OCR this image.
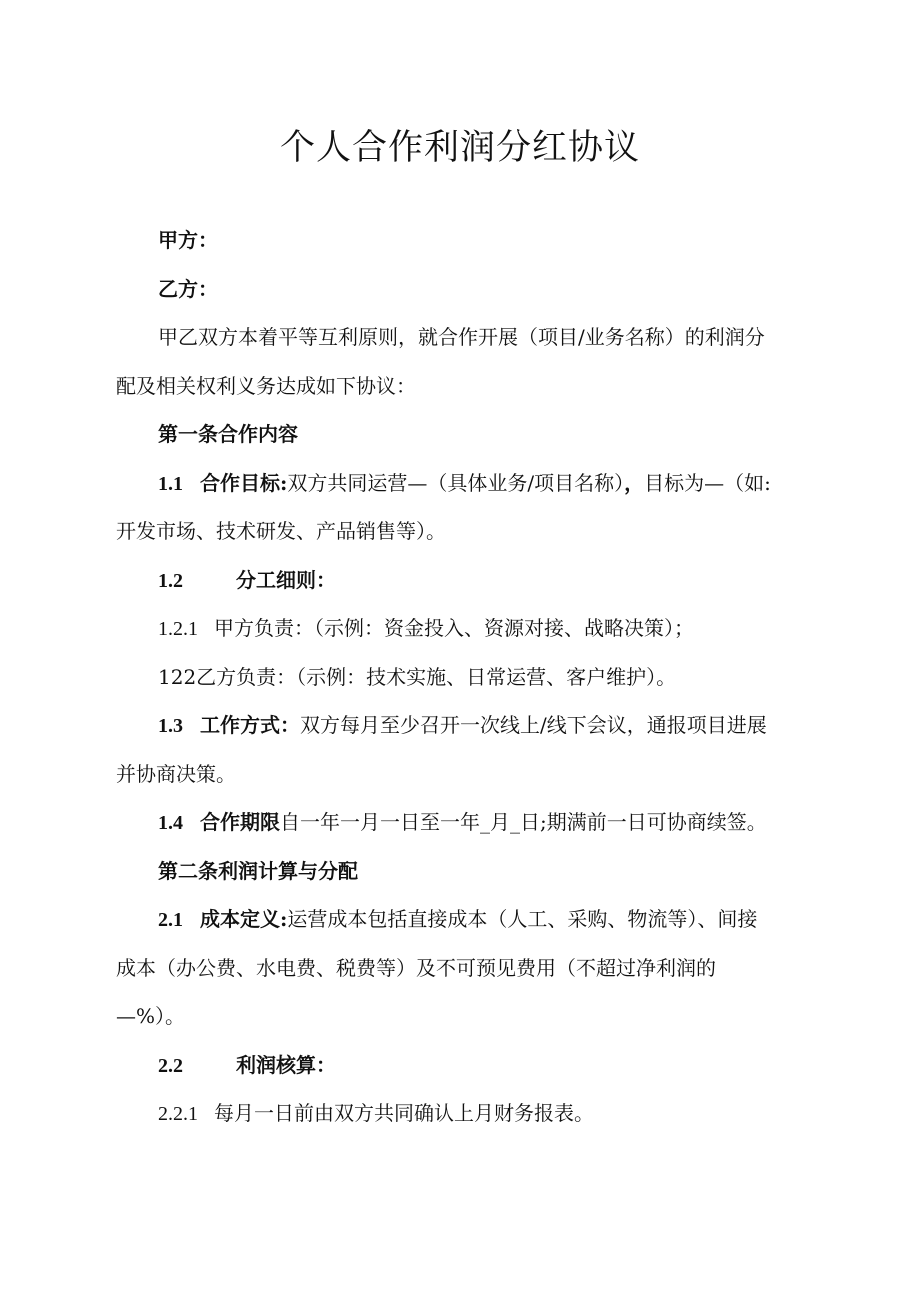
个人合作利润分红协议
甲方：
乙方：
甲乙双方本着平等互利原则，就合作开展（项目/业务名称）的利润分
配及相关权利义务达成如下协议：
第一条合作内容
1.1 合作目标:双方共同运营—（具体业务/项目名称），目标为—（如:
开发市场、技术研发、产品销售等）。
1.2	分工细则：
1.2.1 甲方负责：（示例：资金投入、资源对接、战略决策）；
122乙方负责：（示例：技术实施、日常运营、客户维护）。
1.3 工作方式：双方每月至少召开一次线上/线下会议，通报项目进展
并协商决策。
1.4 合作期限自一年一月一日至一年_月_日;期满前一日可协商续签。
第二条利润计算与分配
2.1 成本定义:运营成本包括直接成本（人工、采购、物流等）、间接
成本（办公费、水电费、税费等）及不可预见费用（不超过净利润的
—%）。
2.2	利润核算：
2.2.1 每月一日前由双方共同确认上月财务报表。
